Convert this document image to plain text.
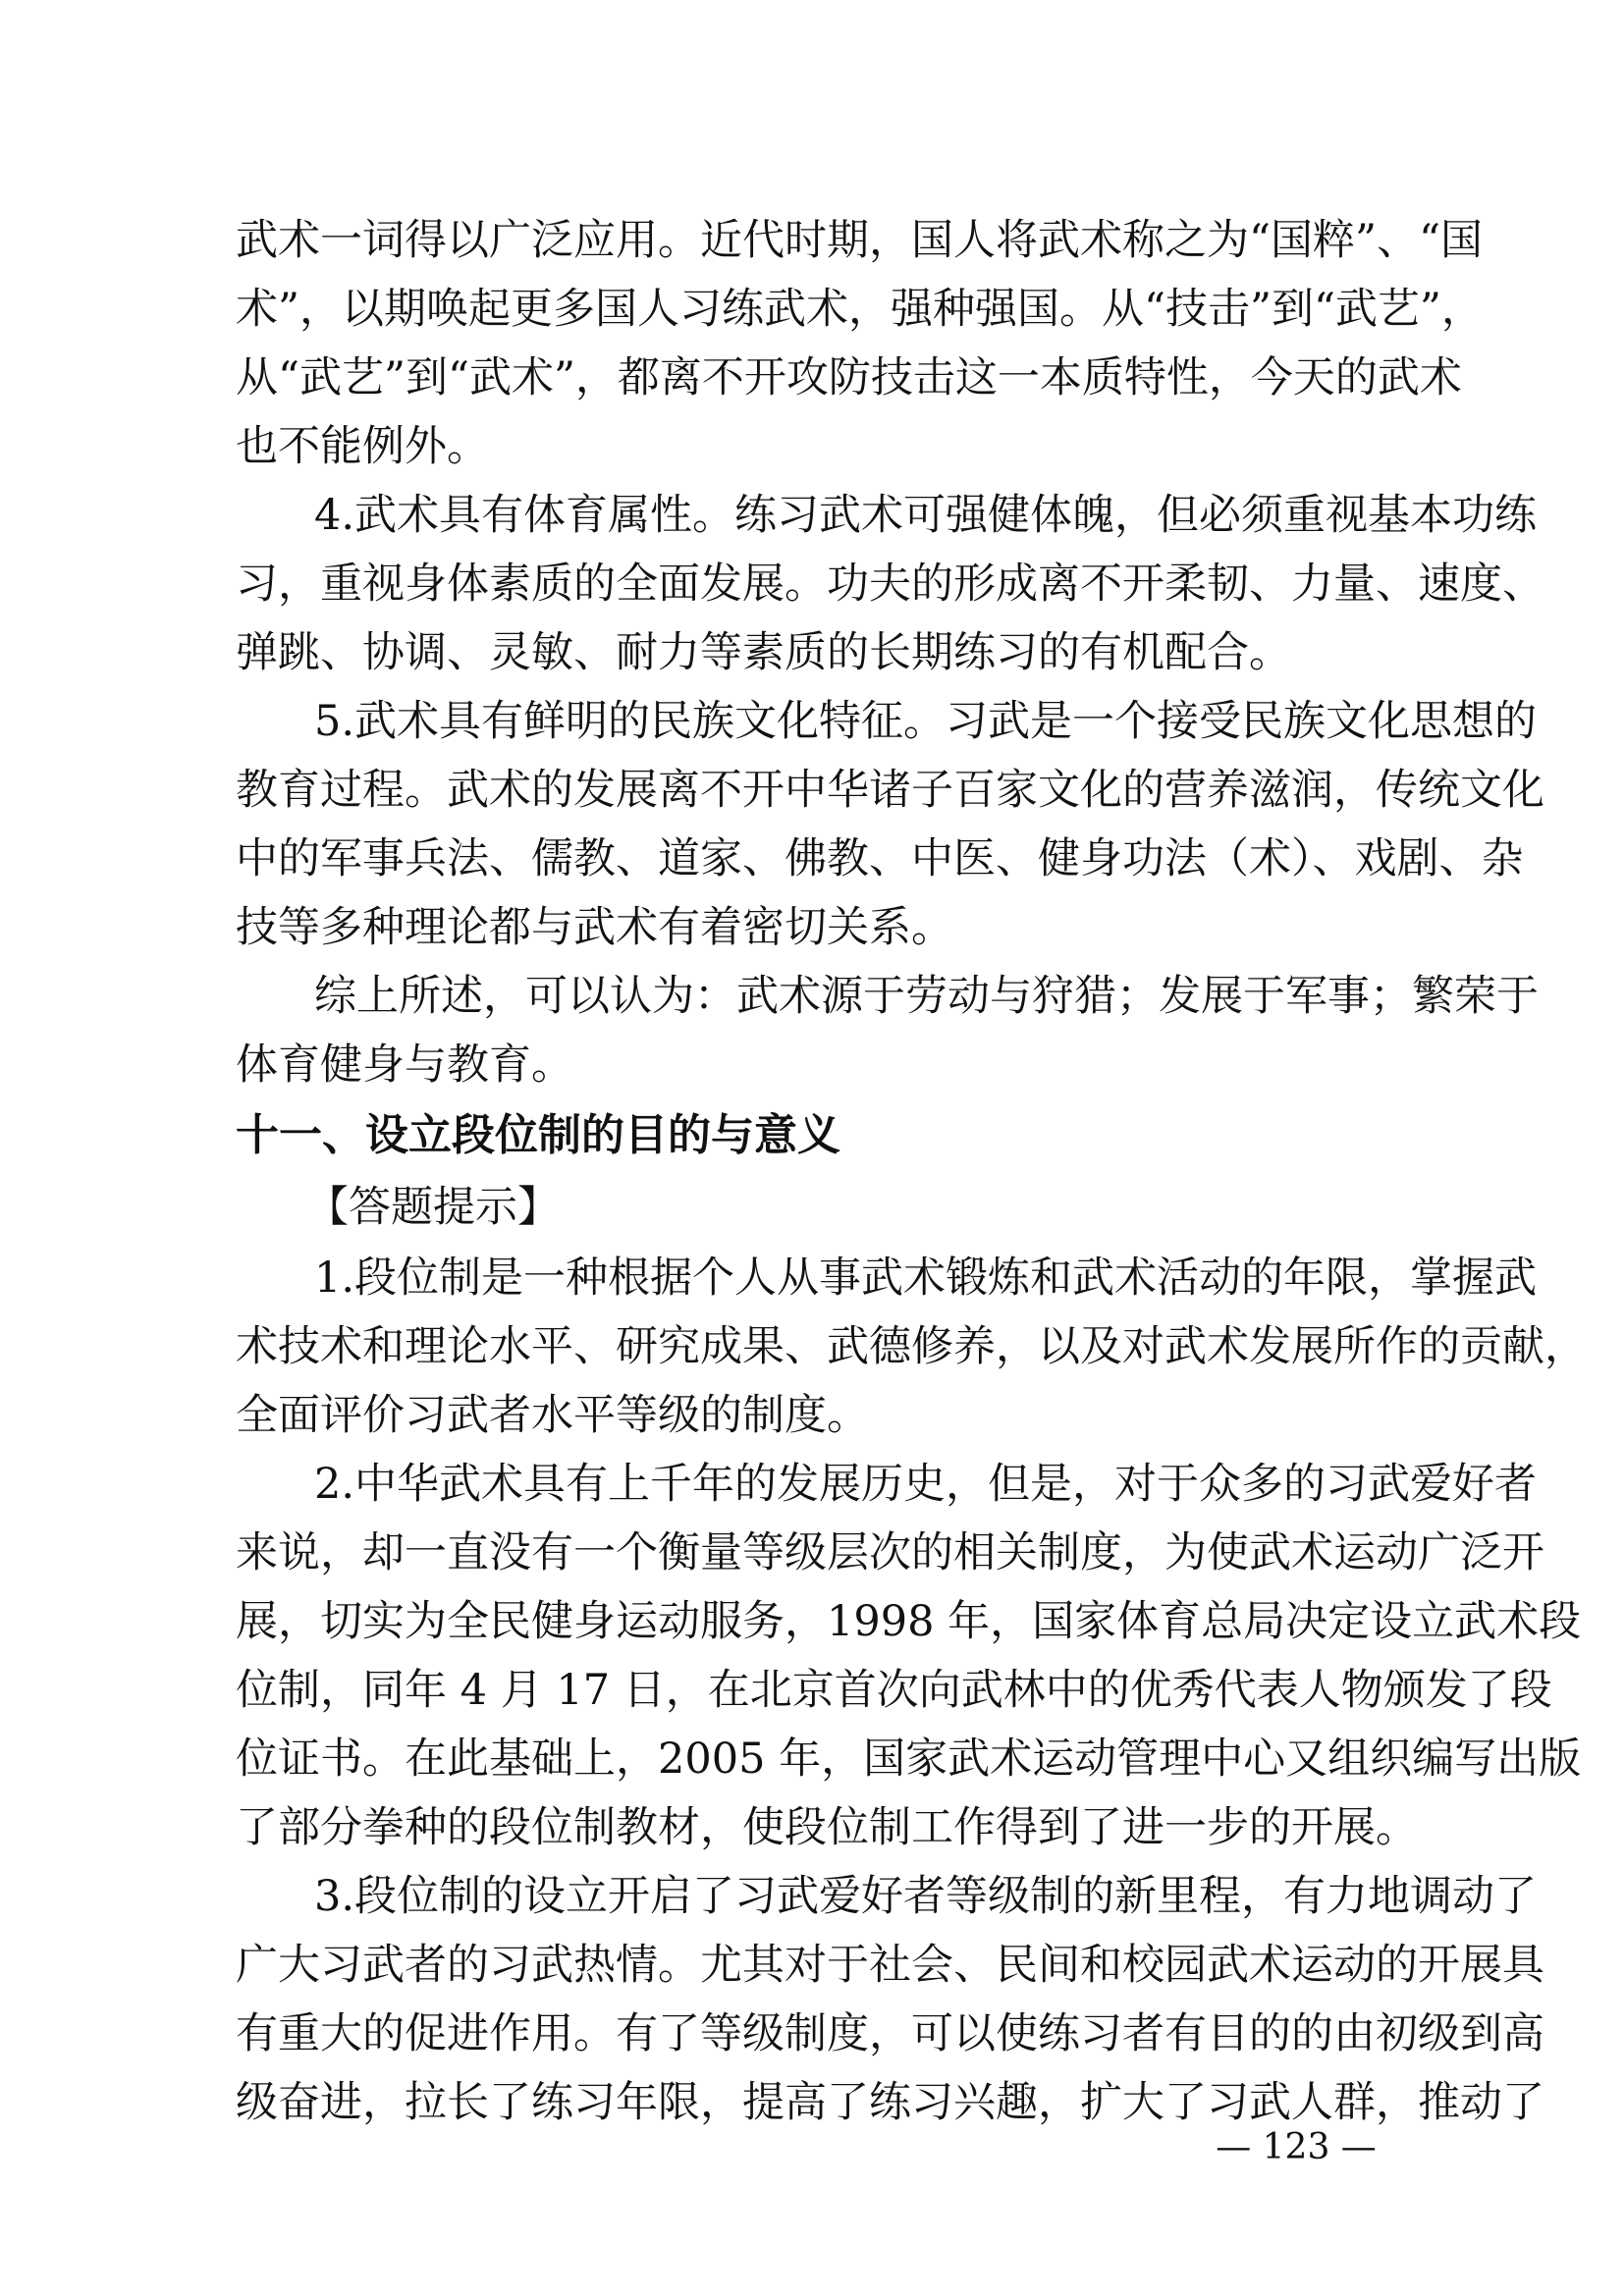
武术一词得以广泛应用。近代时期，国人将武术称之为“国粹”、“国
术”，以期唤起更多国人习练武术，强种强国。从“技击”到“武艺”，
从“武艺”到“武术”，都离不开攻防技击这一本质特性，今天的武术
也不能例外。
4.武术具有体育属性。练习武术可强健体魄，但必须重视基本功练
习，重视身体素质的全面发展。功夫的形成离不开柔韧、力量、速度、
弹跳、协调、灵敏、耐力等素质的长期练习的有机配合。
5.武术具有鲜明的民族文化特征。习武是一个接受民族文化思想的
教育过程。武术的发展离不开中华诸子百家文化的营养滋润，传统文化
中的军事兵法、儒教、道家、佛教、中医、健身功法（术）、戏剧、杂
技等多种理论都与武术有着密切关系。
综上所述，可以认为：武术源于劳动与狩猎；发展于军事；繁荣于
体育健身与教育。
十一、设立段位制的目的与意义
【答题提示】
1.段位制是一种根据个人从事武术锻炼和武术活动的年限，掌握武
术技术和理论水平、研究成果、武德修养，以及对武术发展所作的贡献，
全面评价习武者水平等级的制度。
2.中华武术具有上千年的发展历史，但是，对于众多的习武爱好者
来说，却一直没有一个衡量等级层次的相关制度，为使武术运动广泛开
展，切实为全民健身运动服务，1998 年，国家体育总局决定设立武术段
位制，同年 4 月 17 日，在北京首次向武林中的优秀代表人物颁发了段
位证书。在此基础上，2005 年，国家武术运动管理中心又组织编写出版
了部分拳种的段位制教材，使段位制工作得到了进一步的开展。
3.段位制的设立开启了习武爱好者等级制的新里程，有力地调动了
广大习武者的习武热情。尤其对于社会、民间和校园武术运动的开展具
有重大的促进作用。有了等级制度，可以使练习者有目的的由初级到高
级奋进，拉长了练习年限，提高了练习兴趣，扩大了习武人群，推动了
— 123 —
